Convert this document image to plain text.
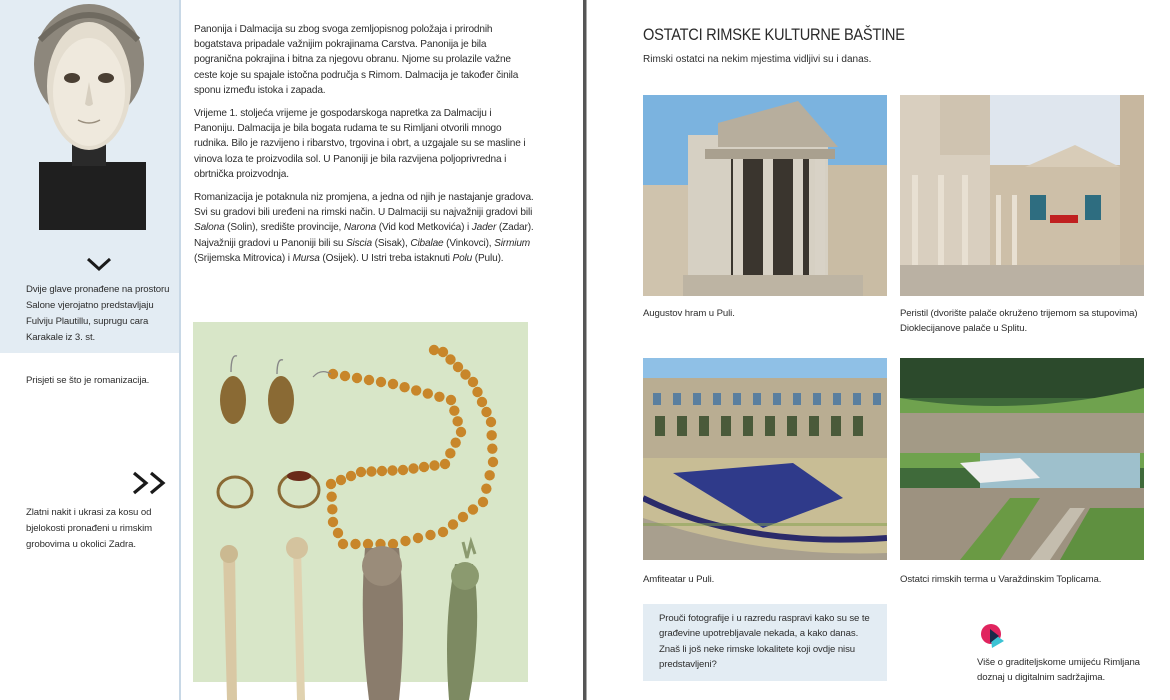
Dvije glave pronađene na prostoru Salone vjerojatno predstavljaju Fulviju Plautillu, suprugu cara Karakale iz 3. st.
Prisjeti se što je romanizacija.
Zlatni nakit i ukrasi za kosu od bjelokosti pronađeni u rimskim grobovima u okolici Zadra.

Panonija i Dalmacija su zbog svoga zemljopisnog položaja i prirodnih bogatstava pripadale važnijim pokrajinama Carstva. Panonija je bila pogranična pokrajina i bitna za njegovu obranu. Njome su prolazile važne ceste koje su spajale istočna područja s Rimom. Dalmacija je također činila sponu između istoka i zapada.

Vrijeme 1. stoljeća vrijeme je gospodarskoga napretka za Dalmaciju i Panoniju. Dalmacija je bila bogata rudama te su Rimljani otvorili mnogo rudnika. Bilo je razvijeno i ribarstvo, trgovina i obrt, a uzgajale su se masline i vinova loza te proizvodila sol. U Panoniji je bila razvijena poljoprivredna i obrtnička proizvodnja.

Romanizacija je potaknula niz promjena, a jedna od njih je nastajanje gradova. Svi su gradovi bili uređeni na rimski način. U Dalmaciji su najvažniji gradovi bili Salona (Solin), središte provincije, Narona (Vid kod Metkovića) i Jader (Zadar). Najvažniji gradovi u Panoniji bili su Siscia (Sisak), Cibalae (Vinkovci), Sirmium (Srijemska Mitrovica) i Mursa (Osijek). U Istri treba istaknuti Polu (Pulu).

OSTATCI RIMSKE KULTURNE BAŠTINE
Rimski ostatci na nekim mjestima vidljivi su i danas.
Augustov hram u Puli.	Peristil (dvorište palače okruženo trijemom sa stupovima) Dioklecijanove palače u Splitu.
Amfiteatar u Puli.	Ostatci rimskih terma u Varaždinskim Toplicama.
Prouči fotografije i u razredu raspravi kako su se te građevine upotrebljavale nekada, a kako danas. Znaš li još neke rimske lokalitete koji ovdje nisu predstavljeni?	Više o graditeljskome umijeću Rimljana doznaj u digitalnim sadržajima.
